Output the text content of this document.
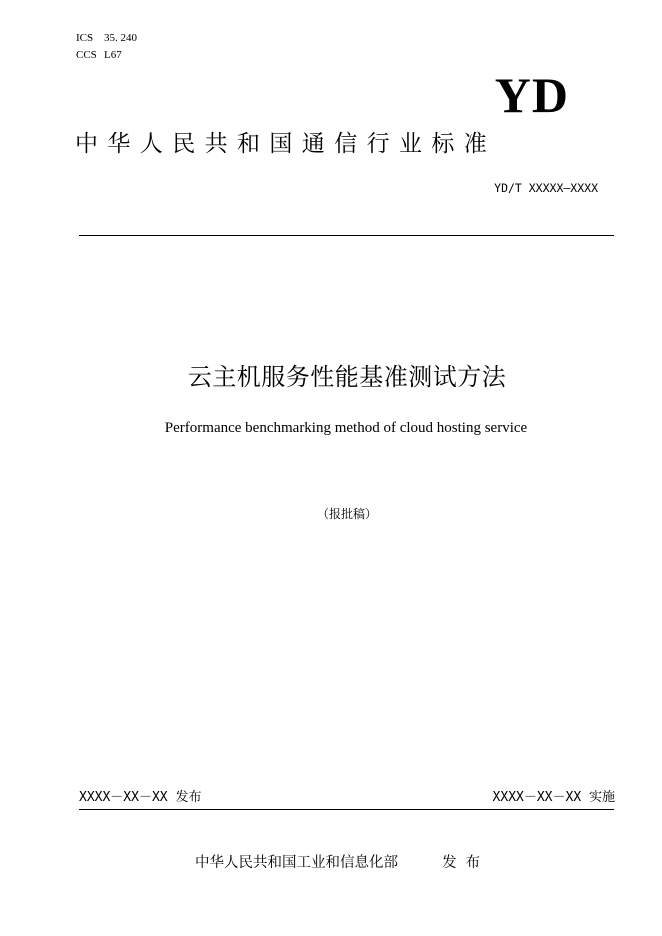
ICS 35. 240
CCS L67
YD
中华人民共和国通信行业标准
YD/T XXXXX—XXXX
云主机服务性能基准测试方法
Performance benchmarking method of cloud hosting service
（报批稿）
XXXX－XX－XX 发布	XXXX－XX－XX 实施
中华人民共和国工业和信息化部	发布
